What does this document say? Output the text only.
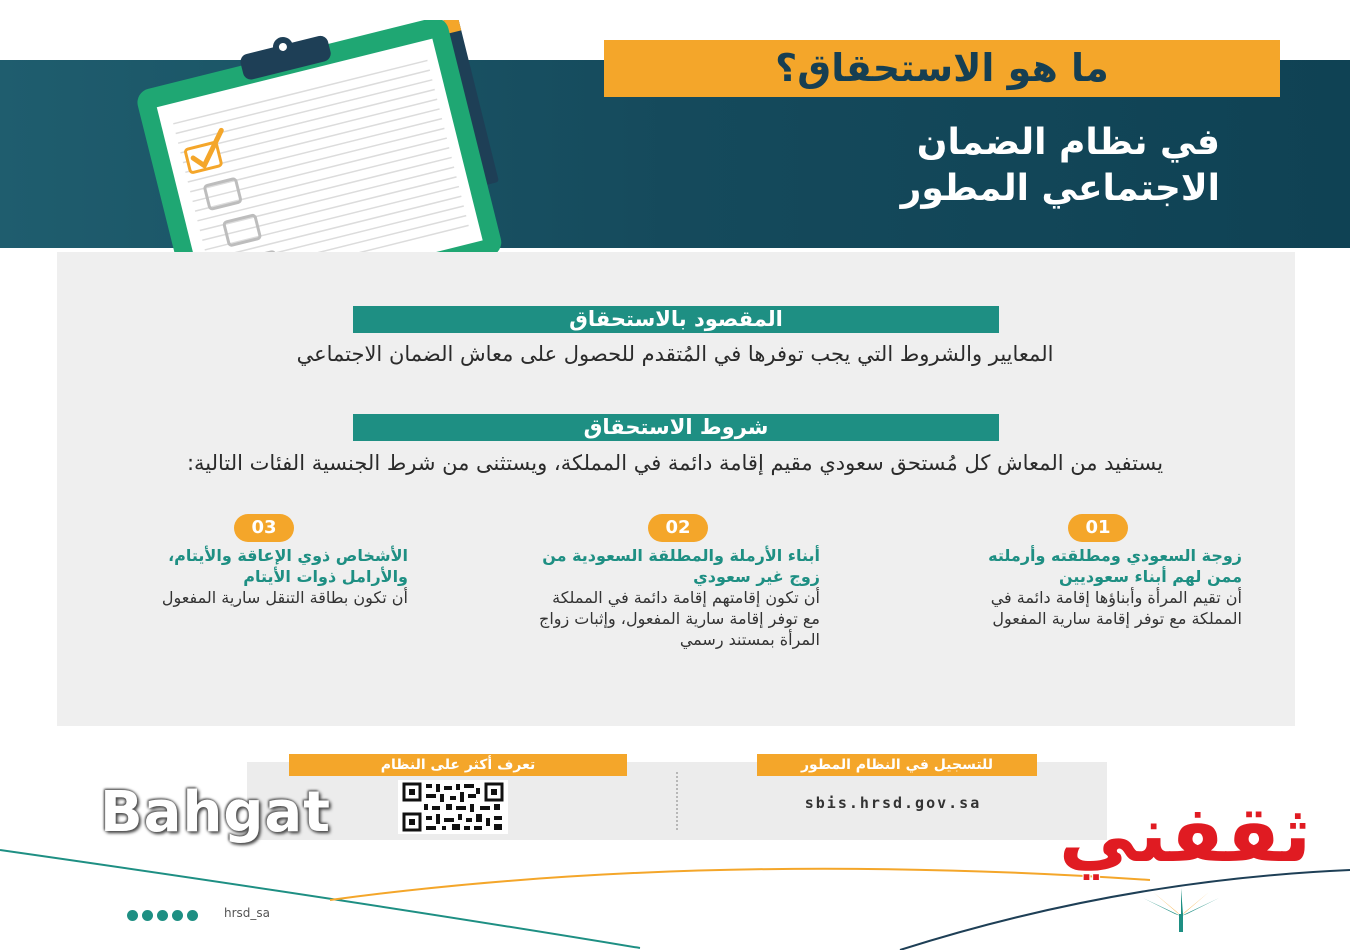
ما هو الاستحقاق؟
في نظام الضمان
الاجتماعي المطور
المقصود بالاستحقاق
المعايير والشروط التي يجب توفرها في المُتقدم للحصول على معاش الضمان الاجتماعي
شروط الاستحقاق
يستفيد من المعاش كل مُستحق سعودي مقيم إقامة دائمة في المملكة، ويستثنى من شرط الجنسية الفئات التالية:
01
زوجة السعودي ومطلقته وأرملته ممن لهم أبناء سعوديين
أن تقيم المرأة وأبناؤها إقامة دائمة في المملكة مع توفر إقامة سارية المفعول
02
أبناء الأرملة والمطلقة السعودية من زوج غير سعودي
أن تكون إقامتهم إقامة دائمة في المملكة مع توفر إقامة سارية المفعول، وإثبات زواج المرأة بمستند رسمي
03
الأشخاص ذوي الإعاقة والأيتام، والأرامل ذوات الأيتام
أن تكون بطاقة التنقل سارية المفعول
للتسجيل في النظام المطور
تعرف أكثر على النظام
sbis.hrsd.gov.sa
Bahgat	ثقفني
hrsd_sa
